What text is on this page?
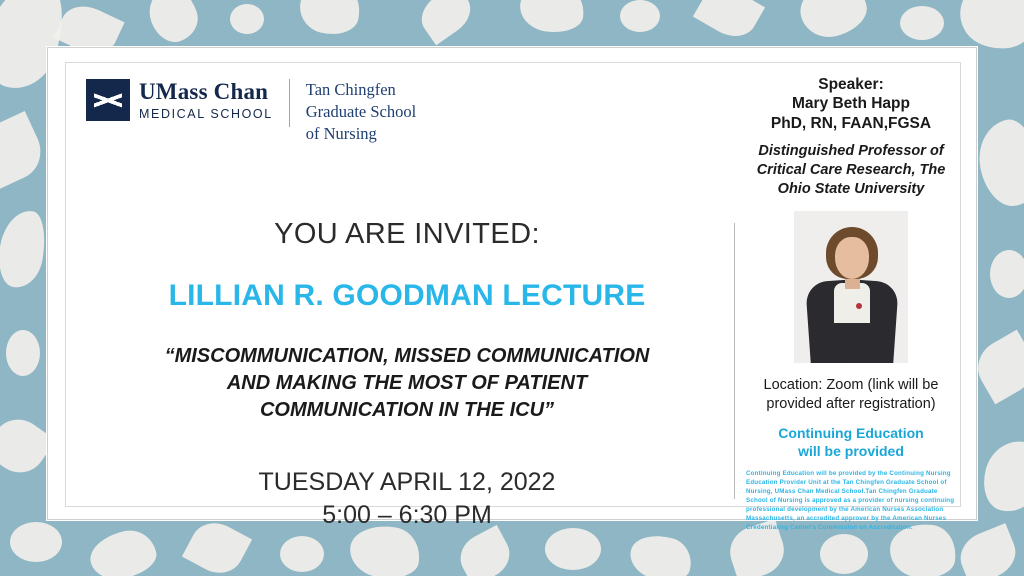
UMass Chan
MEDICAL SCHOOL
Tan Chingfen
Graduate School
of Nursing
YOU ARE INVITED:
LILLIAN R. GOODMAN LECTURE
“MISCOMMUNICATION, MISSED COMMUNICATION
AND MAKING THE MOST OF PATIENT
COMMUNICATION IN THE ICU”
TUESDAY APRIL 12, 2022
5:00 – 6:30 PM
Speaker:
Mary Beth Happ
PhD, RN, FAAN,FGSA
Distinguished Professor of
Critical Care Research, The
Ohio State University
Location: Zoom (link will be
provided after registration)
Continuing Education
will be provided
Continuing Education will be provided by the Continuing Nursing Education Provider Unit at the Tan Chingfen Graduate School of Nursing, UMass Chan Medical School.Tan Chingfen Graduate School of Nursing is approved as a provider of nursing continuing professional development by the American Nurses Association Massachusetts, an accredited approver by the American Nurses Credentialing Center's Commission on Accreditation.
